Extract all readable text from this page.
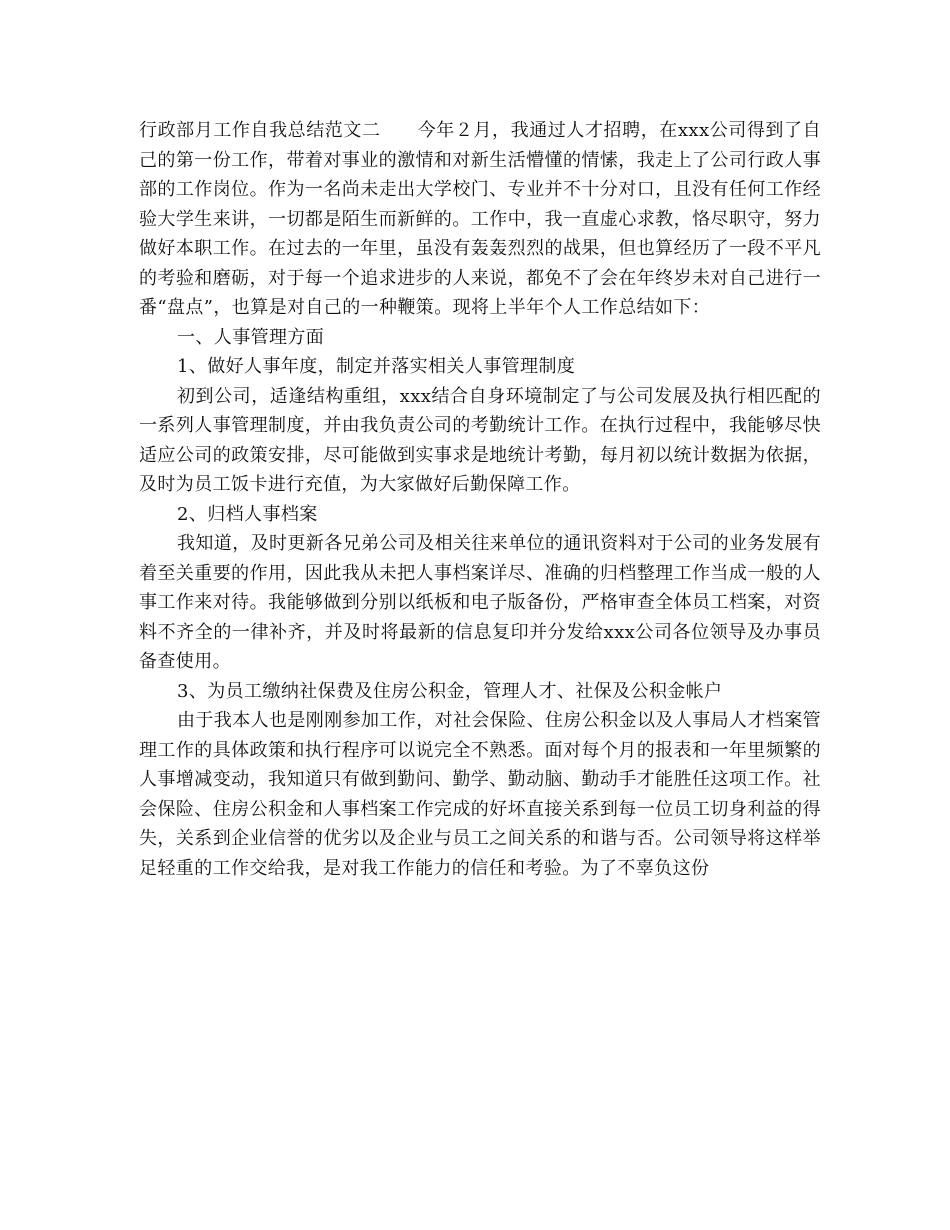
行政部月工作自我总结范文二　　今年２月，我通过人才招聘，在xxx公司得到了自己的第一份工作，带着对事业的激情和对新生活懵懂的情愫，我走上了公司行政人事部的工作岗位。作为一名尚未走出大学校门、专业并不十分对口，且没有任何工作经验大学生来讲，一切都是陌生而新鲜的。工作中，我一直虚心求教，恪尽职守，努力做好本职工作。在过去的一年里，虽没有轰轰烈烈的战果，但也算经历了一段不平凡的考验和磨砺，对于每一个追求进步的人来说，都免不了会在年终岁未对自己进行一番“盘点”，也算是对自己的一种鞭策。现将上半年个人工作总结如下：

一、人事管理方面

1、做好人事年度，制定并落实相关人事管理制度

初到公司，适逢结构重组，xxx结合自身环境制定了与公司发展及执行相匹配的一系列人事管理制度，并由我负责公司的考勤统计工作。在执行过程中，我能够尽快适应公司的政策安排，尽可能做到实事求是地统计考勤，每月初以统计数据为依据，及时为员工饭卡进行充值，为大家做好后勤保障工作。

2、归档人事档案

我知道，及时更新各兄弟公司及相关往来单位的通讯资料对于公司的业务发展有着至关重要的作用，因此我从未把人事档案详尽、准确的归档整理工作当成一般的人事工作来对待。我能够做到分别以纸板和电子版备份，严格审查全体员工档案，对资料不齐全的一律补齐，并及时将最新的信息复印并分发给xxx公司各位领导及办事员备查使用。

3、为员工缴纳社保费及住房公积金，管理人才、社保及公积金帐户

由于我本人也是刚刚参加工作，对社会保险、住房公积金以及人事局人才档案管理工作的具体政策和执行程序可以说完全不熟悉。面对每个月的报表和一年里频繁的人事增减变动，我知道只有做到勤问、勤学、勤动脑、勤动手才能胜任这项工作。社会保险、住房公积金和人事档案工作完成的好坏直接关系到每一位员工切身利益的得失，关系到企业信誉的优劣以及企业与员工之间关系的和谐与否。公司领导将这样举足轻重的工作交给我，是对我工作能力的信任和考验。为了不辜负这份
